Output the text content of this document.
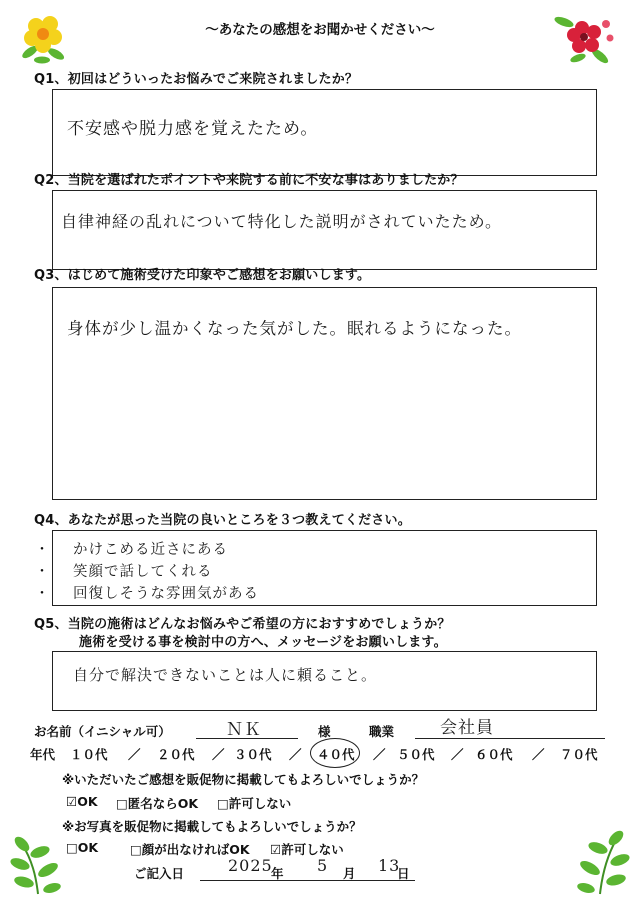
～あなたの感想をお聞かせください～
Q1、初回はどういったお悩みでご来院されましたか？
不安感や脱力感を覚えたため。
Q2、当院を選ばれたポイントや来院する前に不安な事はありましたか？
自律神経の乱れについて特化した説明がされていたため。
Q3、はじめて施術受けた印象やご感想をお願いします。
身体が少し温かくなった気がした。眠れるようになった。
Q4、あなたが思った当院の良いところを３つ教えてください。
・
・
・
かけこめる近さにある
笑顔で話してくれる
回復しそうな雰囲気がある
Q5、当院の施術はどんなお悩みやご希望の方におすすめでしょうか？
施術を受ける事を検討中の方へ、メッセージをお願いします。
自分で解決できないことは人に頼ること。
お名前（イニシャル可）	ＮＫ	様	職業	会社員
年代 １０代 ／ ２０代 ／ ３０代 ／ ４０代 ／ ５０代 ／ ６０代 ／ ７０代
※いただいたご感想を販促物に掲載してもよろしいでしょうか？
☑OK □匿名ならOK □許可しない
※お写真を販促物に掲載してもよろしいでしょうか？
□OK	□顔が出なければOK ☑許可しない
ご記入日	2025
年 5 月 13
日
